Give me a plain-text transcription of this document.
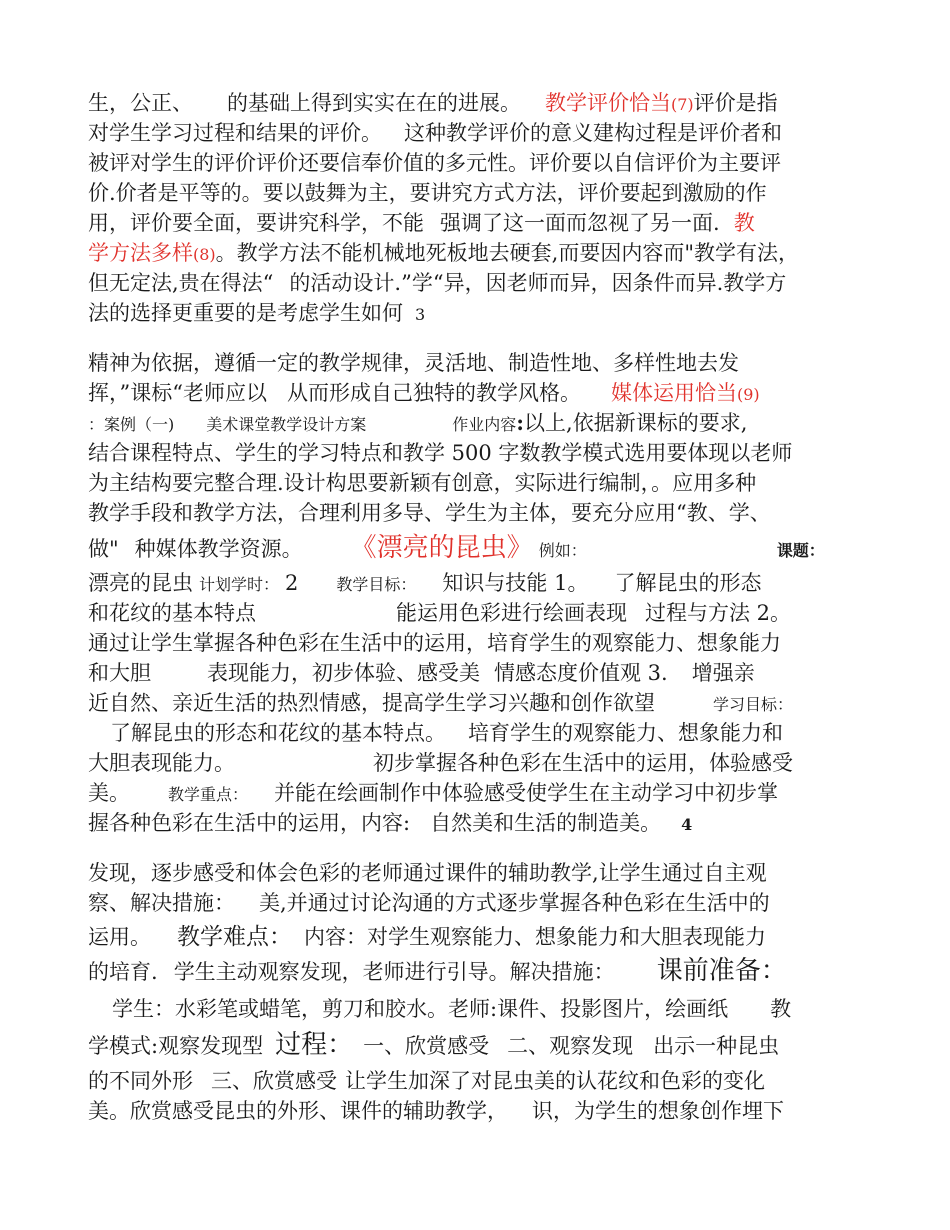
生，公正、 的基础上得到实实在在的进展。 教学评价恰当(7)评价是指
对学生学习过程和结果的评价。 这种教学评价的意义建构过程是评价者和
被评对学生的评价评价还要信奉价值的多元性。评价要以自信评价为主要评
价.价者是平等的。要以鼓舞为主，要讲究方式方法，评价要起到激励的作
用，评价要全面，要讲究科学，不能 强调了这一面而忽视了另一面. 教
学方法多样(8)。教学方法不能机械地死板地去硬套,而要因内容而"教学有法，
但无定法,贵在得法“ 的活动设计.”学“异，因老师而异，因条件而异.教学方
法的选择更重要的是考虑学生如何 3
精神为依据，遵循一定的教学规律，灵活地、制造性地、多样性地去发
挥，”课标“老师应以 从而形成自己独特的教学风格。 媒体运用恰当(9)
：案例（一) 美术课堂教学设计方案	作业内容:以上,依据新课标的要求,
结合课程特点、学生的学习特点和教学 500 字数教学模式选用要体现以老师
为主结构要完整合理.设计构思要新颖有创意，实际进行编制，。应用多种
教学手段和教学方法，合理利用多导、学生为主体，要充分应用“教、学、
做" 种媒体教学资源。 《漂亮的昆虫》 例如：	课题：
漂亮的昆虫 计划学时： 2 教学目标： 知识与技能 1。 了解昆虫的形态
和花纹的基本特点	能运用色彩进行绘画表现 过程与方法 2。
通过让学生掌握各种色彩在生活中的运用，培育学生的观察能力、想象能力
和大胆	表现能力，初步体验、感受美 情感态度价值观 3. 增强亲
近自然、亲近生活的热烈情感，提高学生学习兴趣和创作欲望	学习目标：
了解昆虫的形态和花纹的基本特点。 培育学生的观察能力、想象能力和
大胆表现能力。	初步掌握各种色彩在生活中的运用，体验感受
美。 教学重点： 并能在绘画制作中体验感受使学生在主动学习中初步掌
握各种色彩在生活中的运用，内容: 自然美和生活的制造美。 4
发现，逐步感受和体会色彩的老师通过课件的辅助教学,让学生通过自主观
察、解决措施： 美,并通过讨论沟通的方式逐步掌握各种色彩在生活中的
运用。 教学难点： 内容：对学生观察能力、想象能力和大胆表现能力
的培育. 学生主动观察发现，老师进行引导。解决措施： 课前准备：
学生：水彩笔或蜡笔，剪刀和胶水。老师:课件、投影图片，绘画纸 教
学模式:观察发现型 过程： 一、欣赏感受 二、观察发现 出示一种昆虫
的不同外形 三、欣赏感受 让学生加深了对昆虫美的认花纹和色彩的变化
美。欣赏感受昆虫的外形、课件的辅助教学， 识，为学生的想象创作埋下
